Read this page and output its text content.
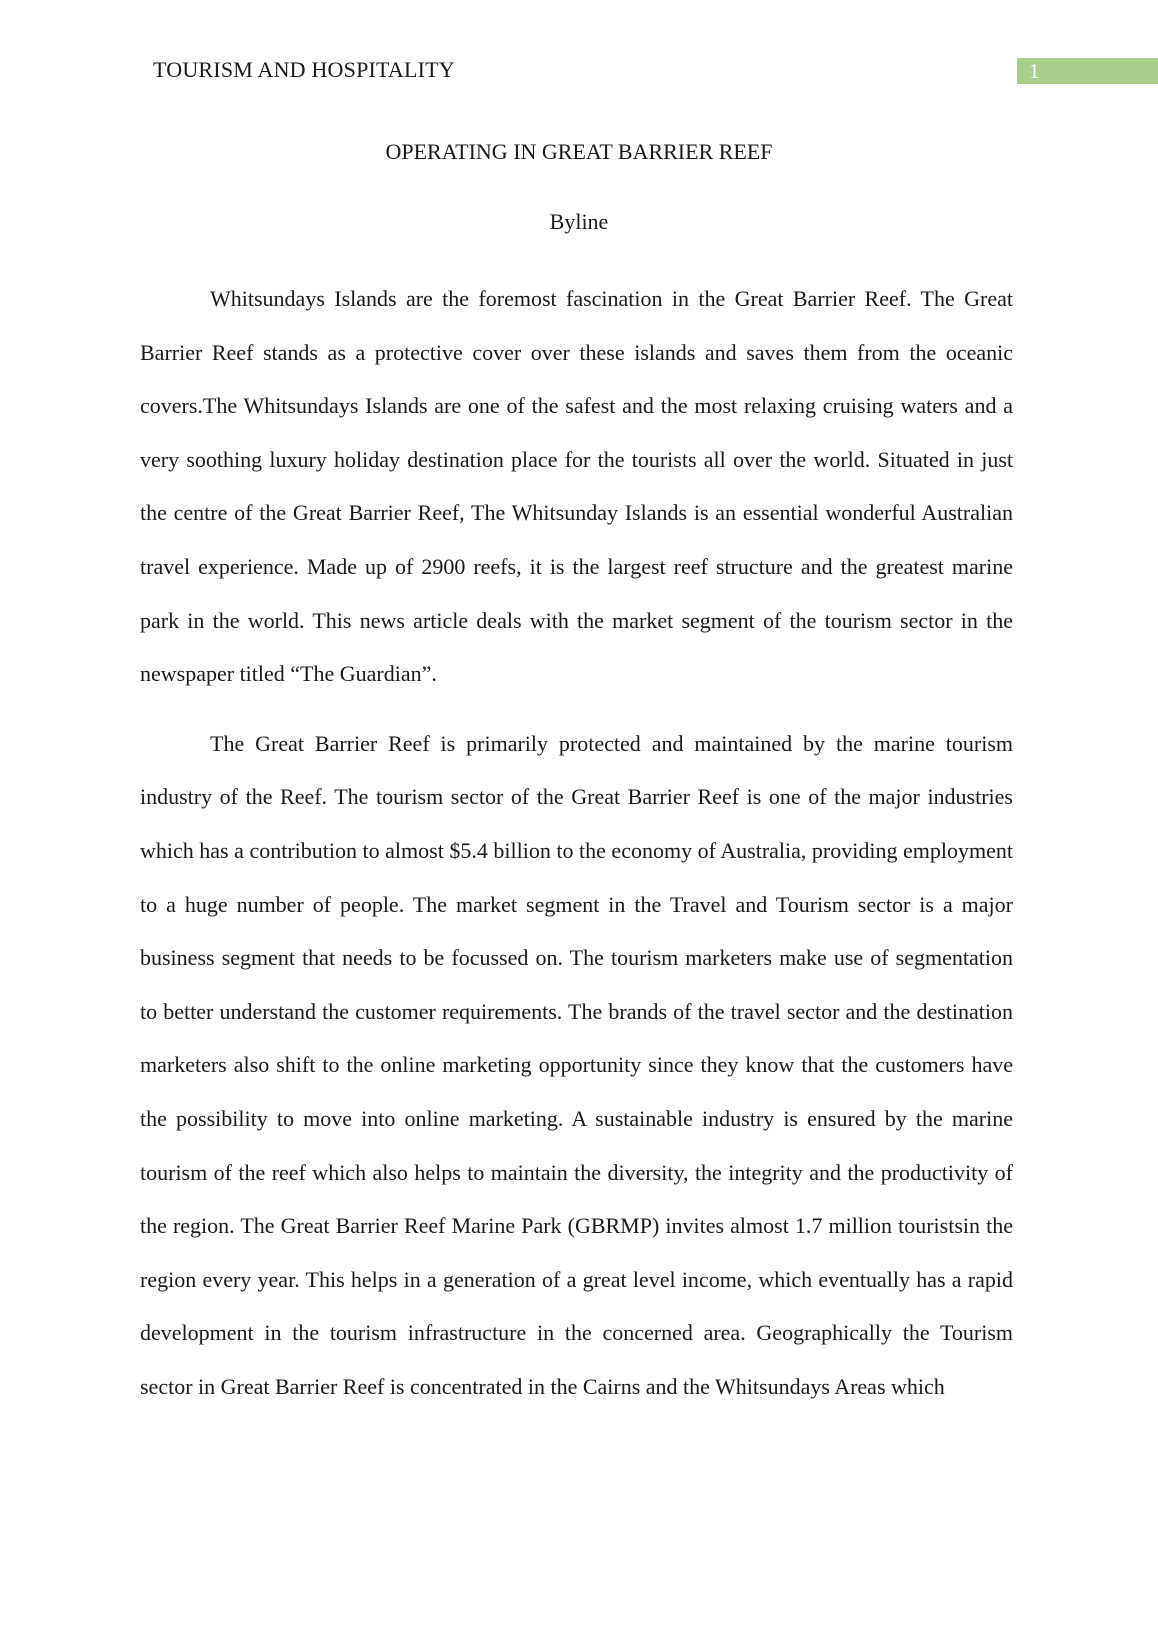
TOURISM AND HOSPITALITY	1
OPERATING IN GREAT BARRIER REEF
Byline

Whitsundays Islands are the foremost fascination in the Great Barrier Reef. The Great Barrier Reef stands as a protective cover over these islands and saves them from the oceanic covers.The Whitsundays Islands are one of the safest and the most relaxing cruising waters and a very soothing luxury holiday destination place for the tourists all over the world. Situated in just the centre of the Great Barrier Reef, The Whitsunday Islands is an essential wonderful Australian travel experience. Made up of 2900 reefs, it is the largest reef structure and the greatest marine park in the world. This news article deals with the market segment of the tourism sector in the newspaper titled “The Guardian”.

The Great Barrier Reef is primarily protected and maintained by the marine tourism industry of the Reef. The tourism sector of the Great Barrier Reef is one of the major industries which has a contribution to almost $5.4 billion to the economy of Australia, providing employment to a huge number of people. The market segment in the Travel and Tourism sector is a major business segment that needs to be focussed on. The tourism marketers make use of segmentation to better understand the customer requirements. The brands of the travel sector and the destination marketers also shift to the online marketing opportunity since they know that the customers have the possibility to move into online marketing. A sustainable industry is ensured by the marine tourism of the reef which also helps to maintain the diversity, the integrity and the productivity of the region. The Great Barrier Reef Marine Park (GBRMP) invites almost 1.7 million touristsin the region every year. This helps in a generation of a great level income, which eventually has a rapid development in the tourism infrastructure in the concerned area. Geographically the Tourism sector in Great Barrier Reef is concentrated in the Cairns and the Whitsundays Areas which
